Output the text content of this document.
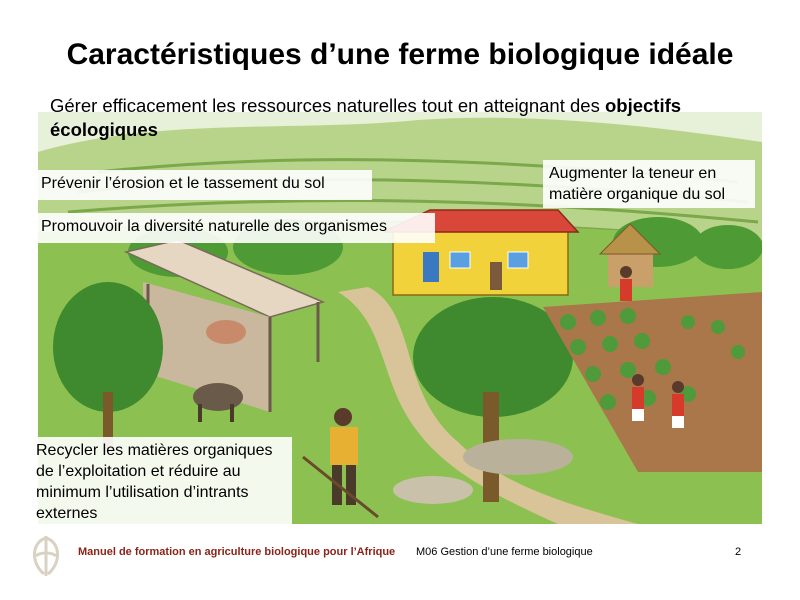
Caractéristiques d’une ferme biologique idéale
Gérer efficacement les ressources naturelles tout en atteignant des objectifs écologiques
Prévenir l’érosion et le tassement du sol
Promouvoir la diversité naturelle des organismes
Augmenter la teneur en matière organique du sol
Recycler les matières organiques de l’exploitation et réduire au minimum l’utilisation d’intrants externes
Manuel de formation en agriculture biologique pour l’Afrique M06 Gestion d’une ferme biologique	2
